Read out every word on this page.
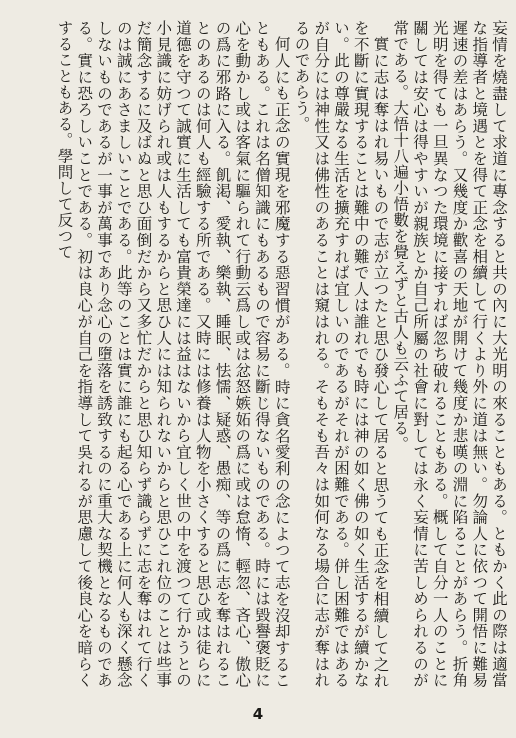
妄情を燒盡して求道に專念すると共の內に大光明の來ることもある。ともかく此の際は適當な指導者と境遇とを得て正念を相續して行くより外に道は無い。勿論人に依つて開悟に難易遲速の差はあらう。又幾度か歡喜の天地が開けて幾度か悲嘆の淵に陷ることがあらう。折角光明を得ても一旦異なつた環境に接すれば忽ち破れることもある。概して自分一人のことに關しては安心は得やすいが親族とか自己所屬の社會に對しては永く妄情に苦しめられるのが常である。大悟十八遍小悟數を覺えずと古人も云ふて居る。

實に志は奪はれ易いもので志が立つたと思ひ發心して居ると思うても正念を相續して之れを不斷に實現することは難中の難で人は誰れでも時には神の如く佛の如く生活するが續かない。此の尊嚴なる生活を擴充すれば宜しいのであるがそれが困難である。併し困難ではあるが自分には神性又は佛性のあることは窺はれる。そもそも吾々は如何なる場合に志が奪はれるのであらう。

何人にも正念の實現を邪魔する惡習慣がある。時に貪名愛利の念によつて志を沒却することもある。これは名僧知識にもあるもので容易に斷じ得ないものである。時には毀譽褒貶に心を動かし或は客氣に驅られて行動云爲し或は忿怒嫉妬の爲に或は怠惰、輕忽、吝心、傲心の爲に邪路に入る。飢渇、愛執、樂執、睡眠、怯懦、疑惑、愚痴、等の爲に志を奪はれることのあるのは何人も經驗する所である。又時には修養は人物を小さくすると思ひ或は徒らに道德を守つて誠實に生活しても富貴榮達には益はないから宜しく世の中を渡つて行かうとの小見識に妨げられ或は人もするからと思ひ人には知られないからと思ひこれ位のことは些事だ簡念するに及ばぬと思ひ面倒だから又多忙だからと思ひ知らず識らずに志を奪はれて行くのは誠にあさましいことである。此等のことは實に誰にも起る心である上に何人も深く懸念しないものであるが一事が萬事であり念心の墮落を誘致するのに重大な契機となるものである。實に恐ろしいことである。初は良心が自己を指導して吳れるが思慮して後良心を暗らくすることもある。學問して反つて

4
